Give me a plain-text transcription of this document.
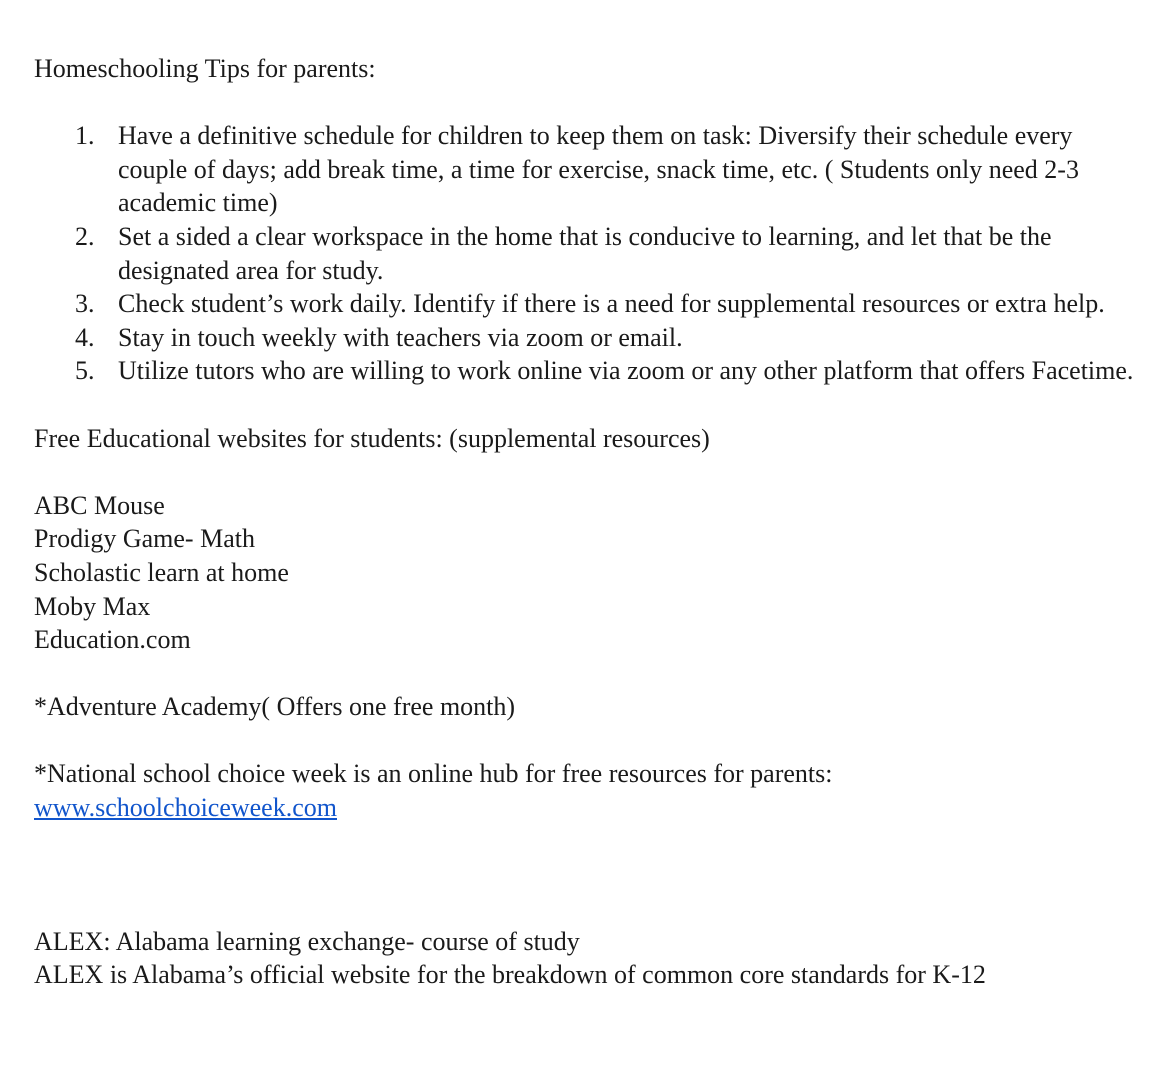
Homeschooling Tips for parents:

1. Have a definitive schedule for children to keep them on task: Diversify their schedule every couple of days; add break time, a time for exercise, snack time, etc. ( Students only need 2-3 academic time)
2. Set a sided a clear workspace in the home that is conducive to learning, and let that be the designated area for study.
3. Check student’s work daily. Identify if there is a need for supplemental resources or extra help.
4. Stay in touch weekly with teachers via zoom or email.
5. Utilize tutors who are willing to work online via zoom or any other platform that offers Facetime.

Free Educational websites for students: (supplemental resources)

ABC Mouse

Prodigy Game- Math

Scholastic learn at home

Moby Max

Education.com

*Adventure Academy( Offers one free month)

*National school choice week is an online hub for free resources for parents:

www.schoolchoiceweek.com

ALEX: Alabama learning exchange- course of study

ALEX is Alabama’s official website for the breakdown of common core standards for K-12
